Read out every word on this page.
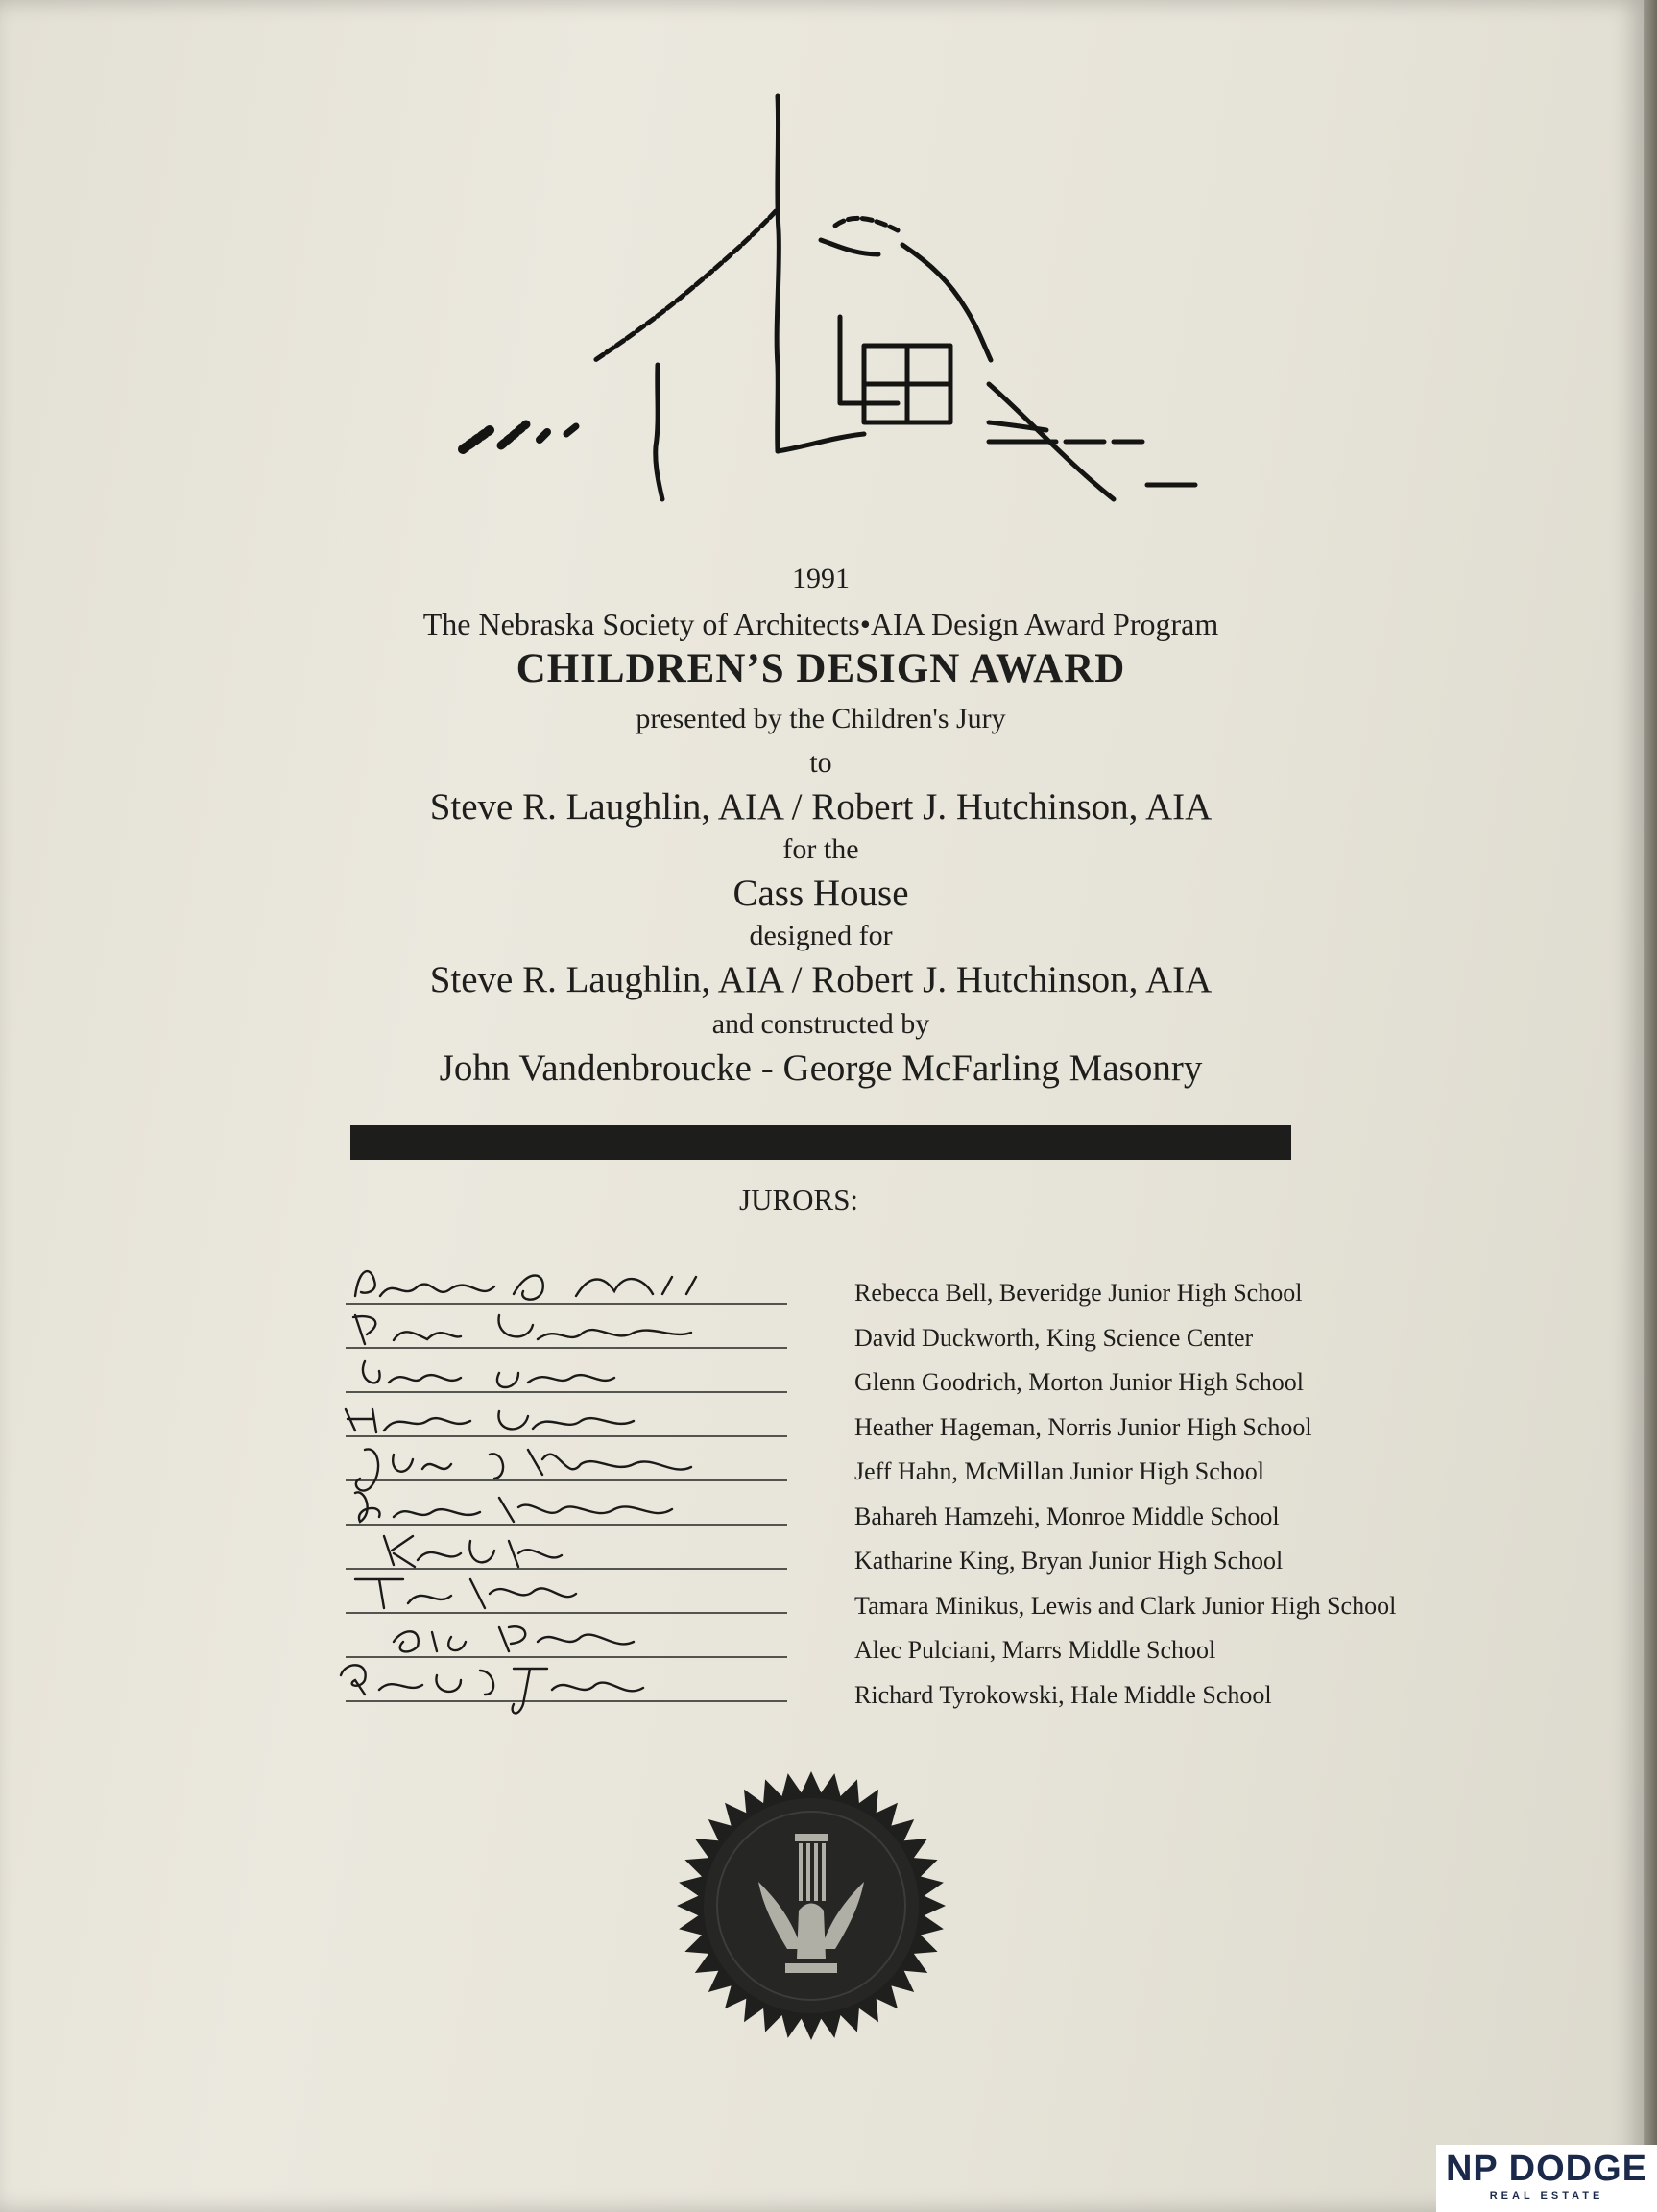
1991
The Nebraska Society of Architects•AIA Design Award Program
CHILDREN’S DESIGN AWARD
presented by the Children's Jury
to
Steve R. Laughlin, AIA / Robert J. Hutchinson, AIA
for the
Cass House
designed for
Steve R. Laughlin, AIA / Robert J. Hutchinson, AIA
and constructed by
John Vandenbroucke - George McFarling Masonry
JURORS:
Rebecca Bell, Beveridge Junior High School
David Duckworth, King Science Center
Glenn Goodrich, Morton Junior High School
Heather Hageman, Norris Junior High School
Jeff Hahn, McMillan Junior High School
Bahareh Hamzehi, Monroe Middle School
Katharine King, Bryan Junior High School
Tamara Minikus, Lewis and Clark Junior High School
Alec Pulciani, Marrs Middle School
Richard Tyrokowski, Hale Middle School
NP DODGE
REAL ESTATE
